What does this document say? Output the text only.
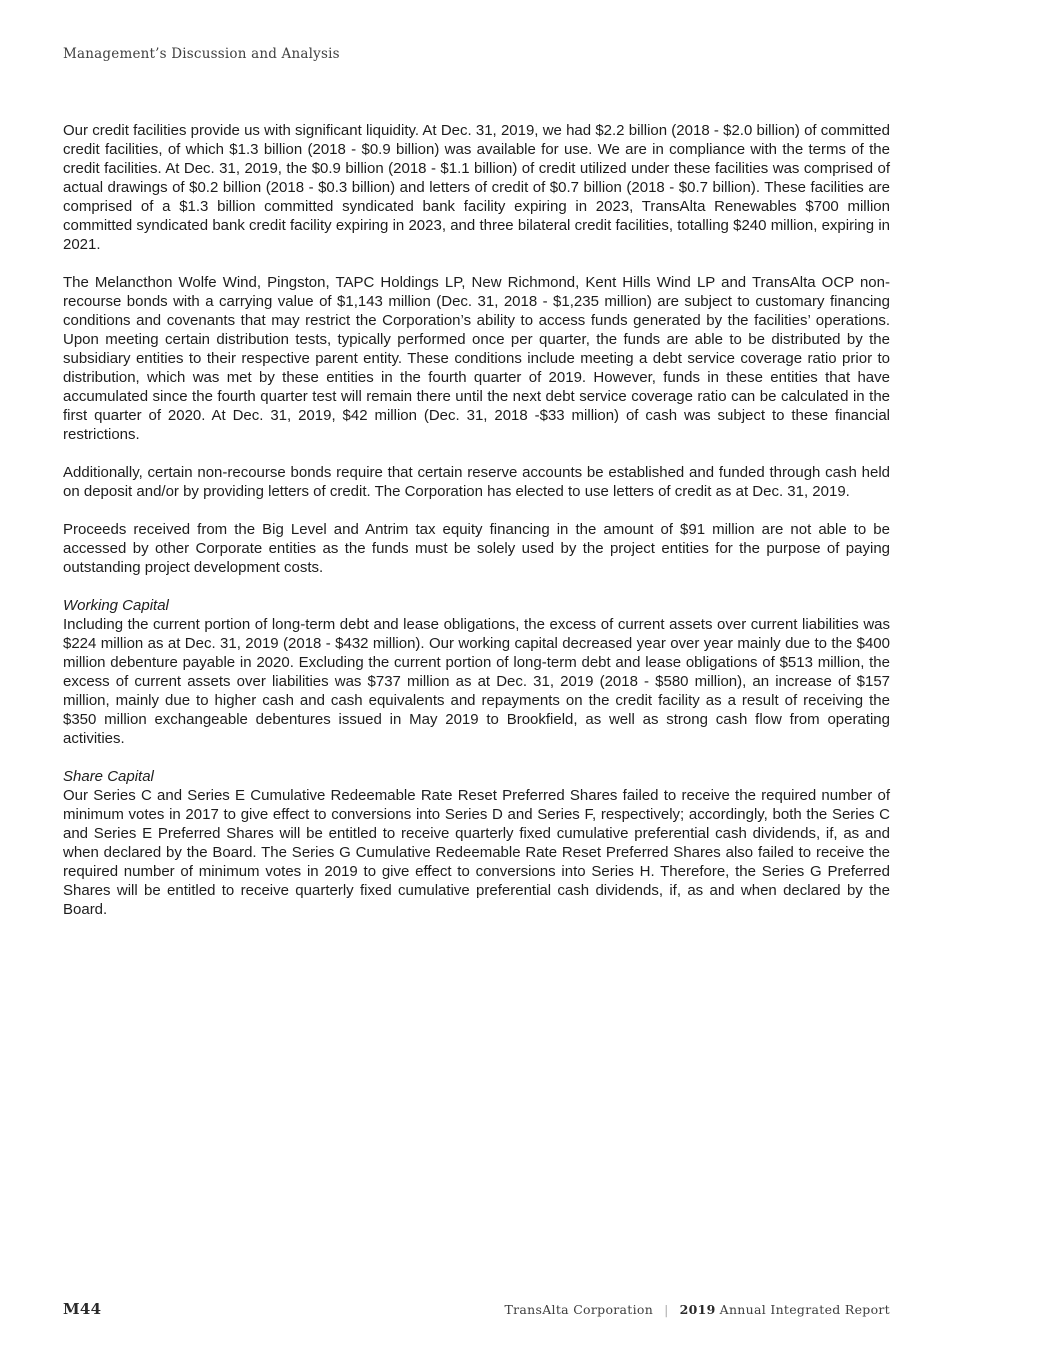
Management’s Discussion and Analysis

Our credit facilities provide us with significant liquidity. At Dec. 31, 2019, we had $2.2 billion (2018 - $2.0 billion) of committed credit facilities, of which $1.3 billion (2018 - $0.9 billion) was available for use. We are in compliance with the terms of the credit facilities. At Dec. 31, 2019, the $0.9 billion (2018 - $1.1 billion) of credit utilized under these facilities was comprised of actual drawings of $0.2 billion (2018 - $0.3 billion) and letters of credit of $0.7 billion (2018 - $0.7 billion). These facilities are comprised of a $1.3 billion committed syndicated bank facility expiring in 2023, TransAlta Renewables $700 million committed syndicated bank credit facility expiring in 2023, and three bilateral credit facilities, totalling $240 million, expiring in 2021.

The Melancthon Wolfe Wind, Pingston, TAPC Holdings LP, New Richmond, Kent Hills Wind LP and TransAlta OCP non-recourse bonds with a carrying value of $1,143 million (Dec. 31, 2018 - $1,235 million) are subject to customary financing conditions and covenants that may restrict the Corporation’s ability to access funds generated by the facilities’ operations. Upon meeting certain distribution tests, typically performed once per quarter, the funds are able to be distributed by the subsidiary entities to their respective parent entity. These conditions include meeting a debt service coverage ratio prior to distribution, which was met by these entities in the fourth quarter of 2019. However, funds in these entities that have accumulated since the fourth quarter test will remain there until the next debt service coverage ratio can be calculated in the first quarter of 2020. At Dec. 31, 2019, $42 million (Dec. 31, 2018 -$33 million) of cash was subject to these financial restrictions.

Additionally, certain non-recourse bonds require that certain reserve accounts be established and funded through cash held on deposit and/or by providing letters of credit. The Corporation has elected to use letters of credit as at Dec. 31, 2019.

Proceeds received from the Big Level and Antrim tax equity financing in the amount of $91 million are not able to be accessed by other Corporate entities as the funds must be solely used by the project entities for the purpose of paying outstanding project development costs.

Working Capital

Including the current portion of long-term debt and lease obligations, the excess of current assets over current liabilities was $224 million as at Dec. 31, 2019 (2018 - $432 million). Our working capital decreased year over year mainly due to the $400 million debenture payable in 2020. Excluding the current portion of long-term debt and lease obligations of $513 million, the excess of current assets over liabilities was $737 million as at Dec. 31, 2019 (2018 - $580 million), an increase of $157 million, mainly due to higher cash and cash equivalents and repayments on the credit facility as a result of receiving the $350 million exchangeable debentures issued in May 2019 to Brookfield, as well as strong cash flow from operating activities.

Share Capital

Our Series C and Series E Cumulative Redeemable Rate Reset Preferred Shares failed to receive the required number of minimum votes in 2017 to give effect to conversions into Series D and Series F, respectively; accordingly, both the Series C and Series E Preferred Shares will be entitled to receive quarterly fixed cumulative preferential cash dividends, if, as and when declared by the Board. The Series G Cumulative Redeemable Rate Reset Preferred Shares also failed to receive the required number of minimum votes in 2019 to give effect to conversions into Series H. Therefore, the Series G Preferred Shares will be entitled to receive quarterly fixed cumulative preferential cash dividends, if, as and when declared by the Board.

M44	TransAlta Corporation | 2019 Annual Integrated Report
